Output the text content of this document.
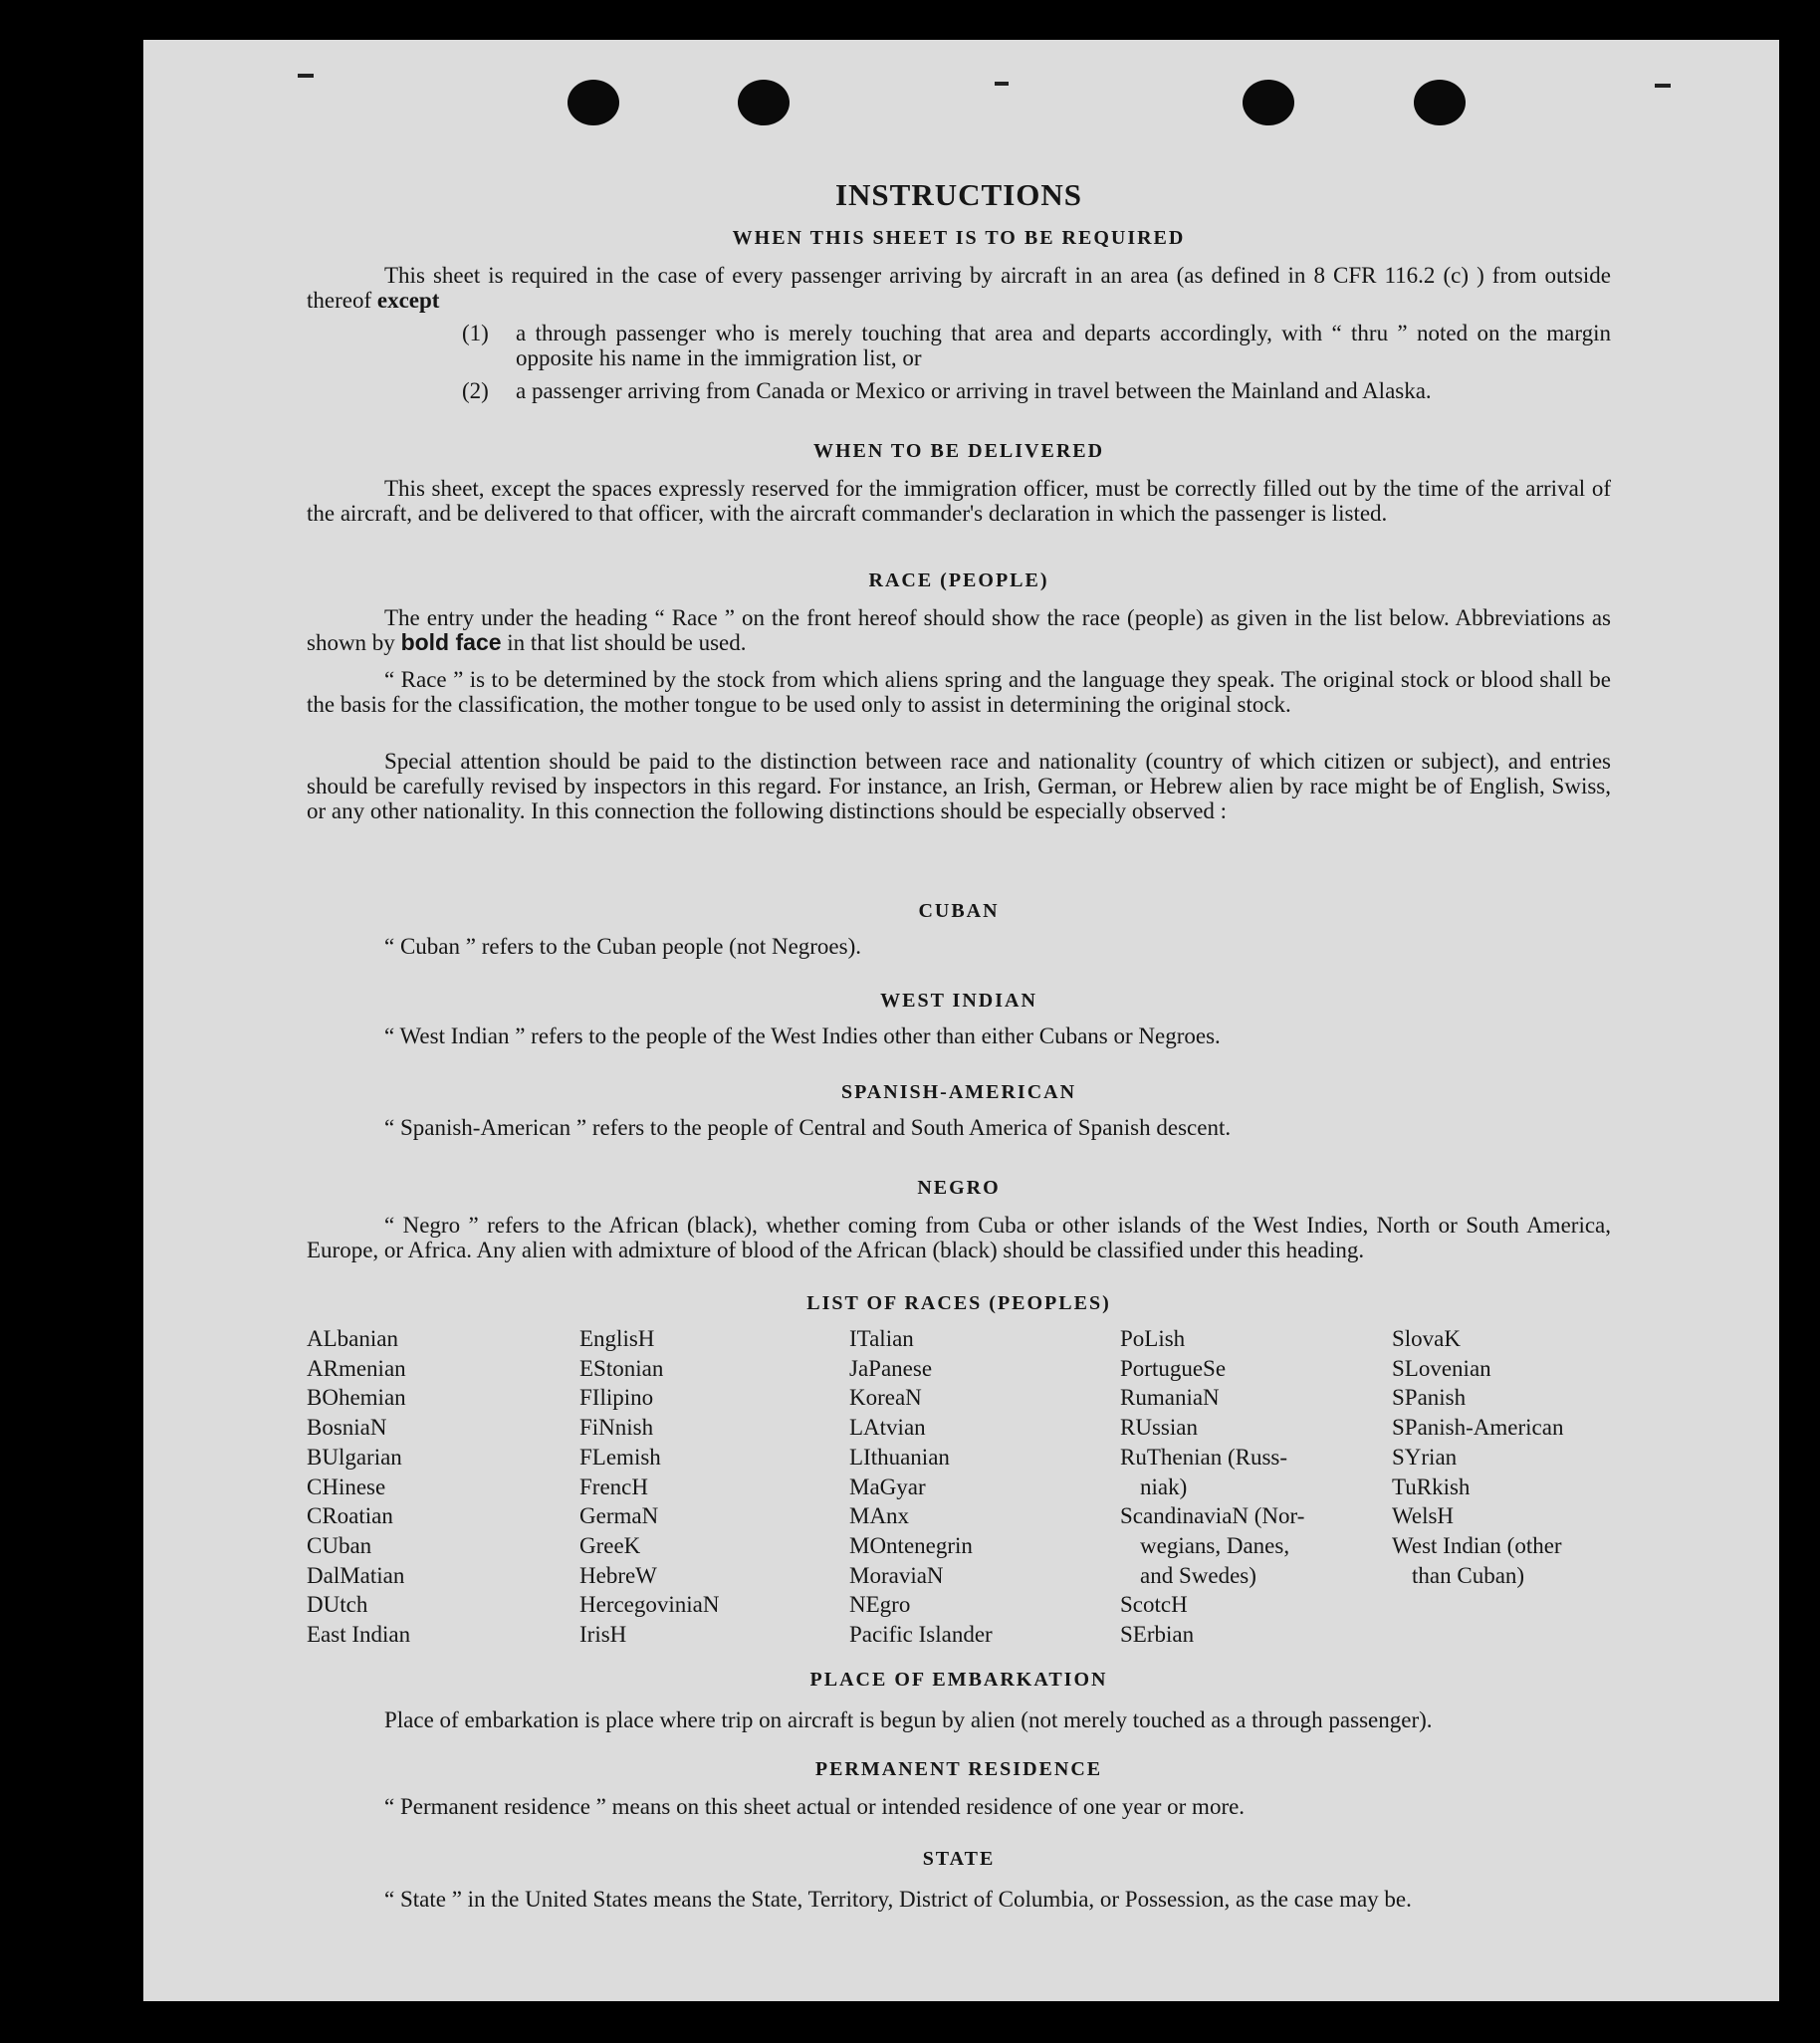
INSTRUCTIONS
WHEN THIS SHEET IS TO BE REQUIRED
This sheet is required in the case of every passenger arriving by aircraft in an area (as defined in 8 CFR 116.2 (c) ) from outside thereof except
(1) a through passenger who is merely touching that area and departs accordingly, with “ thru ” noted on the margin opposite his name in the immigration list, or
(2) a passenger arriving from Canada or Mexico or arriving in travel between the Mainland and Alaska.
WHEN TO BE DELIVERED
This sheet, except the spaces expressly reserved for the immigration officer, must be correctly filled out by the time of the arrival of the aircraft, and be delivered to that officer, with the aircraft commander's declaration in which the passenger is listed.
RACE (PEOPLE)
The entry under the heading “ Race ” on the front hereof should show the race (people) as given in the list below. Abbreviations as shown by bold face in that list should be used.
“ Race ” is to be determined by the stock from which aliens spring and the language they speak. The original stock or blood shall be the basis for the classification, the mother tongue to be used only to assist in determining the original stock.
Special attention should be paid to the distinction between race and nationality (country of which citizen or subject), and entries should be carefully revised by inspectors in this regard. For instance, an Irish, German, or Hebrew alien by race might be of English, Swiss, or any other nationality. In this connection the following distinctions should be especially observed :
CUBAN
“ Cuban ” refers to the Cuban people (not Negroes).
WEST INDIAN
“ West Indian ” refers to the people of the West Indies other than either Cubans or Negroes.
SPANISH-AMERICAN
“ Spanish-American ” refers to the people of Central and South America of Spanish descent.
NEGRO
“ Negro ” refers to the African (black), whether coming from Cuba or other islands of the West Indies, North or South America, Europe, or Africa. Any alien with admixture of blood of the African (black) should be classified under this heading.
LIST OF RACES (PEOPLES)
ALbanian
ARmenian
BOhemian
BosniaN
BUlgarian
CHinese
CRoatian
CUban
DalMatian
DUtch
East Indian
EnglisH
EStonian
FIlipino
FiNnish
FLemish
FrencH
GermaN
GreeK
HebreW
HercegoviniaN
IrisH
ITalian
JaPanese
KoreaN
LAtvian
LIthuanian
MaGyar
MAnx
MOntenegrin
MoraviaN
NEgro
Pacific Islander
PoLish
PortugueSe
RumaniaN
RUssian
RuThenian (Russ-
niak)
ScandinaviaN (Nor-
wegians, Danes,
and Swedes)
ScotcH
SErbian
SlovaK
SLovenian
SPanish
SPanish-American
SYrian
TuRkish
WelsH
West Indian (other
than Cuban)
PLACE OF EMBARKATION
Place of embarkation is place where trip on aircraft is begun by alien (not merely touched as a through passenger).
PERMANENT RESIDENCE
“ Permanent residence ” means on this sheet actual or intended residence of one year or more.
STATE
“ State ” in the United States means the State, Territory, District of Columbia, or Possession, as the case may be.
